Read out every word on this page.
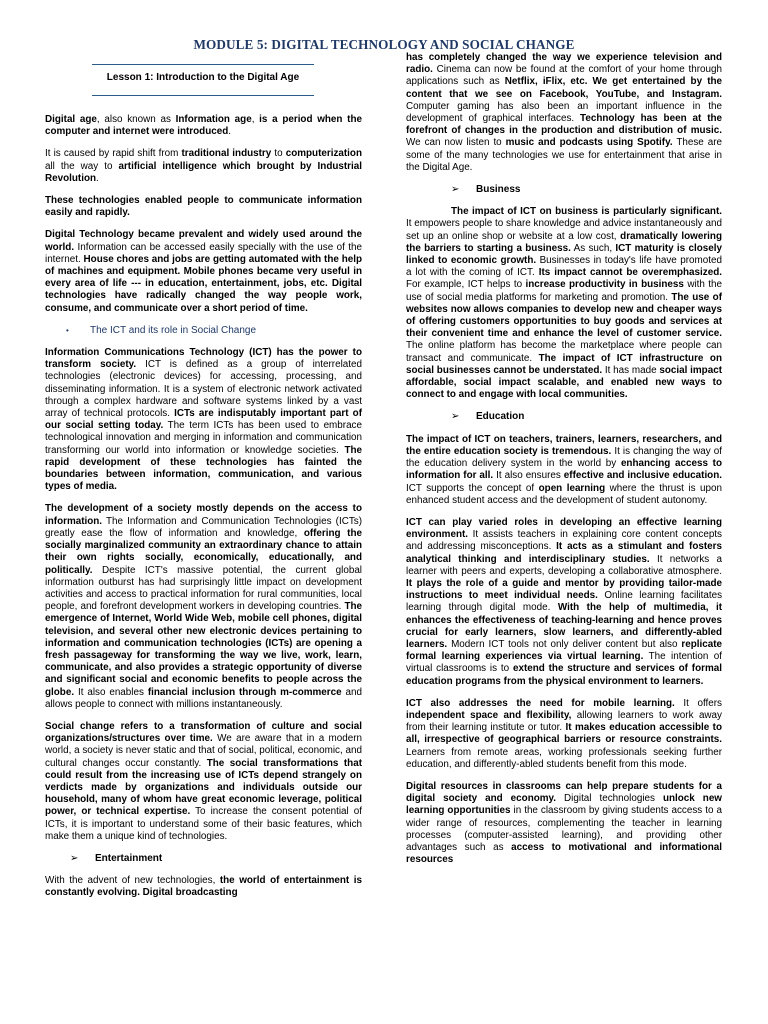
MODULE 5: DIGITAL TECHNOLOGY AND SOCIAL CHANGE
Lesson 1: Introduction to the Digital Age

Digital age, also known as Information age, is a period when the computer and internet were introduced.

It is caused by rapid shift from traditional industry to computerization all the way to artificial intelligence which brought by Industrial Revolution.

These technologies enabled people to communicate information easily and rapidly.

Digital Technology became prevalent and widely used around the world. Information can be accessed easily specially with the use of the internet. House chores and jobs are getting automated with the help of machines and equipment. Mobile phones became very useful in every area of life --- in education, entertainment, jobs, etc. Digital technologies have radically changed the way people work, consume, and communicate over a short period of time.

• The ICT and its role in Social Change

Information Communications Technology (ICT) has the power to transform society. ICT is defined as a group of interrelated technologies (electronic devices) for accessing, processing, and disseminating information. It is a system of electronic network activated through a complex hardware and software systems linked by a vast array of technical protocols. ICTs are indisputably important part of our social setting today. The term ICTs has been used to embrace technological innovation and merging in information and communication transforming our world into information or knowledge societies. The rapid development of these technologies has fainted the boundaries between information, communication, and various types of media.

The development of a society mostly depends on the access to information. The Information and Communication Technologies (ICTs) greatly ease the flow of information and knowledge, offering the socially marginalized community an extraordinary chance to attain their own rights socially, economically, educationally, and politically. Despite ICT's massive potential, the current global information outburst has had surprisingly little impact on development activities and access to practical information for rural communities, local people, and forefront development workers in developing countries. The emergence of Internet, World Wide Web, mobile cell phones, digital television, and several other new electronic devices pertaining to information and communication technologies (ICTs) are opening a fresh passageway for transforming the way we live, work, learn, communicate, and also provides a strategic opportunity of diverse and significant social and economic benefits to people across the globe. It also enables financial inclusion through m-commerce and allows people to connect with millions instantaneously.

Social change refers to a transformation of culture and social organizations/structures over time. We are aware that in a modern world, a society is never static and that of social, political, economic, and cultural changes occur constantly. The social transformations that could result from the increasing use of ICTs depend strangely on verdicts made by organizations and individuals outside our household, many of whom have great economic leverage, political power, or technical expertise. To increase the consent potential of ICTs, it is important to understand some of their basic features, which make them a unique kind of technologies.

➢ Entertainment

With the advent of new technologies, the world of entertainment is constantly evolving. Digital broadcasting

has completely changed the way we experience television and radio. Cinema can now be found at the comfort of your home through applications such as Netflix, iFlix, etc. We get entertained by the content that we see on Facebook, YouTube, and Instagram. Computer gaming has also been an important influence in the development of graphical interfaces. Technology has been at the forefront of changes in the production and distribution of music. We can now listen to music and podcasts using Spotify. These are some of the many technologies we use for entertainment that arise in the Digital Age.

➢ Business

The impact of ICT on business is particularly significant. It empowers people to share knowledge and advice instantaneously and set up an online shop or website at a low cost, dramatically lowering the barriers to starting a business. As such, ICT maturity is closely linked to economic growth. Businesses in today's life have promoted a lot with the coming of ICT. Its impact cannot be overemphasized. For example, ICT helps to increase productivity in business with the use of social media platforms for marketing and promotion. The use of websites now allows companies to develop new and cheaper ways of offering customers opportunities to buy goods and services at their convenient time and enhance the level of customer service. The online platform has become the marketplace where people can transact and communicate. The impact of ICT infrastructure on social businesses cannot be understated. It has made social impact affordable, social impact scalable, and enabled new ways to connect to and engage with local communities.

➢ Education

The impact of ICT on teachers, trainers, learners, researchers, and the entire education society is tremendous. It is changing the way of the education delivery system in the world by enhancing access to information for all. It also ensures effective and inclusive education. ICT supports the concept of open learning where the thrust is upon enhanced student access and the development of student autonomy.

ICT can play varied roles in developing an effective learning environment. It assists teachers in explaining core content concepts and addressing misconceptions. It acts as a stimulant and fosters analytical thinking and interdisciplinary studies. It networks a learner with peers and experts, developing a collaborative atmosphere. It plays the role of a guide and mentor by providing tailor-made instructions to meet individual needs. Online learning facilitates learning through digital mode. With the help of multimedia, it enhances the effectiveness of teaching-learning and hence proves crucial for early learners, slow learners, and differently-abled learners. Modern ICT tools not only deliver content but also replicate formal learning experiences via virtual learning. The intention of virtual classrooms is to extend the structure and services of formal education programs from the physical environment to learners.

ICT also addresses the need for mobile learning. It offers independent space and flexibility, allowing learners to work away from their learning institute or tutor. It makes education accessible to all, irrespective of geographical barriers or resource constraints. Learners from remote areas, working professionals seeking further education, and differently-abled students benefit from this mode.

Digital resources in classrooms can help prepare students for a digital society and economy. Digital technologies unlock new learning opportunities in the classroom by giving students access to a wider range of resources, complementing the teacher in learning processes (computer-assisted learning), and providing other advantages such as access to motivational and informational resources
